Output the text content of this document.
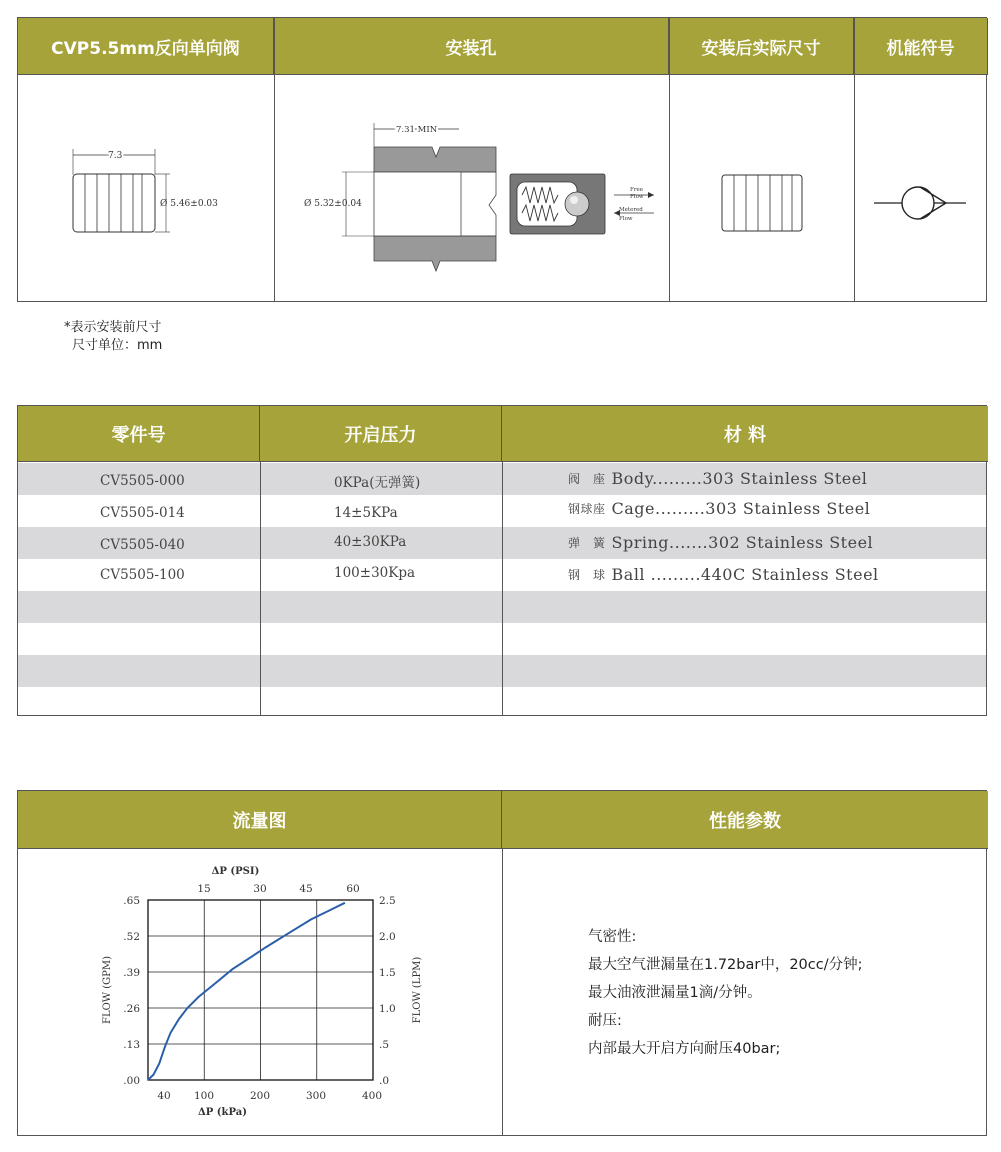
CVP5.5mm反向单向阀	安装孔	安装后实际尺寸	机能符号
7.3
Ø 5.46±0.03
7.31 MIN
Ø 5.32±0.04
Free
Flow
Metered
Flow
*表示安装前尺寸
尺寸单位：mm
零件号	开启压力	材 料
CV5505-000	0KPa(无弹簧)	阀　座 Body.........303 Stainless Steel
CV5505-014	14±5KPa	钢球座 Cage.........303 Stainless Steel
CV5505-040	40±30KPa	弹　簧 Spring.......302 Stainless Steel
CV5505-100	100±30Kpa	钢　球 Ball .........440C Stainless Steel
流量图	性能参数
.00
.13
.26
.39
.52
.65
.0
.5
1.0
1.5
2.0
2.5
40 100	200	300	400
15	30	45	60
ΔP (PSI)
ΔP (kPa)
FLOW (GPM)	FLOW (LPM)
气密性:
最大空气泄漏量在1.72bar中，20cc/分钟;
最大油液泄漏量1滴/分钟。
耐压:
内部最大开启方向耐压40bar;
